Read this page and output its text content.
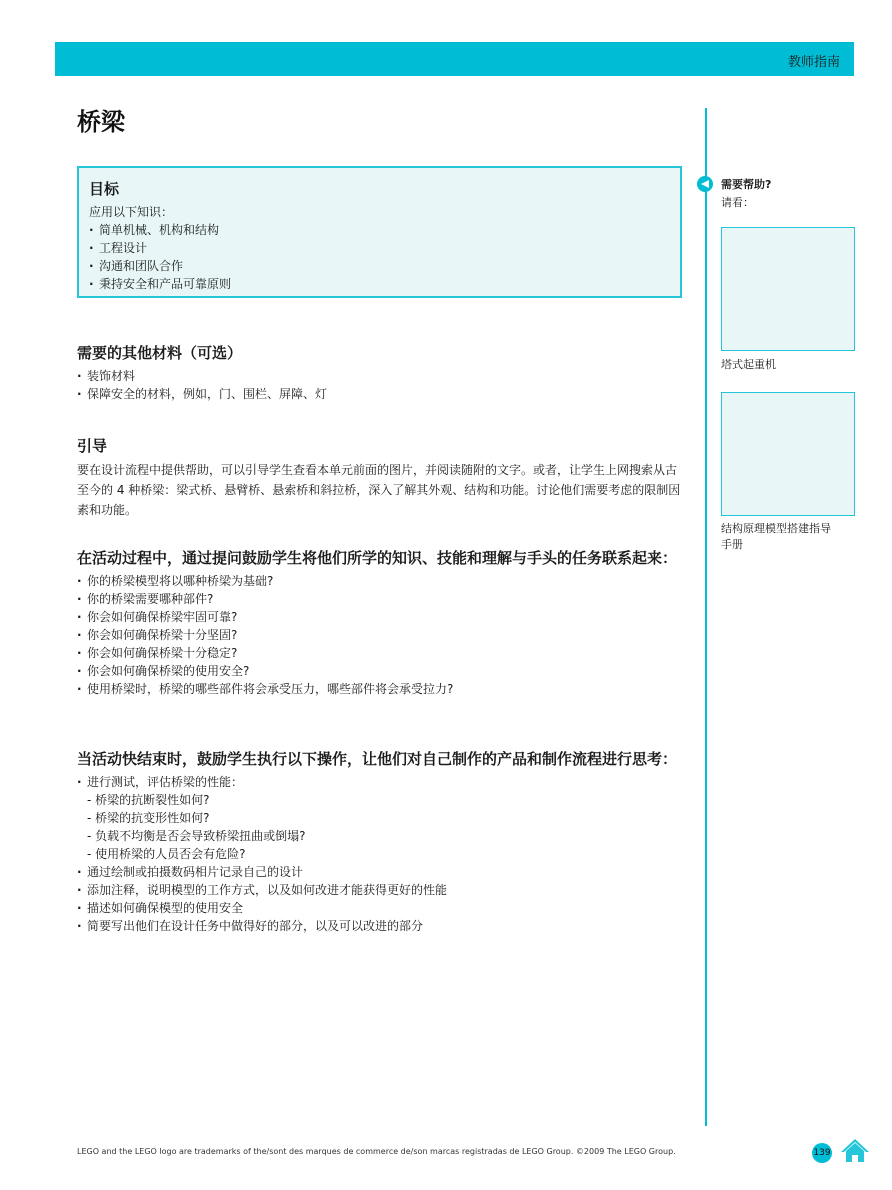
教师指南
桥梁
目标
应用以下知识：
· 简单机械、机构和结构
· 工程设计
· 沟通和团队合作
· 秉持安全和产品可靠原则
需要的其他材料（可选）
· 装饰材料
· 保障安全的材料，例如，门、围栏、屏障、灯
引导
要在设计流程中提供帮助，可以引导学生查看本单元前面的图片，并阅读随附的文字。或者，让学生上网搜索从古至今的 4 种桥梁：梁式桥、悬臂桥、悬索桥和斜拉桥，深入了解其外观、结构和功能。讨论他们需要考虑的限制因素和功能。
在活动过程中，通过提问鼓励学生将他们所学的知识、技能和理解与手头的任务联系起来：
· 你的桥梁模型将以哪种桥梁为基础?
· 你的桥梁需要哪种部件?
· 你会如何确保桥梁牢固可靠?
· 你会如何确保桥梁十分坚固?
· 你会如何确保桥梁十分稳定?
· 你会如何确保桥梁的使用安全?
· 使用桥梁时，桥梁的哪些部件将会承受压力，哪些部件将会承受拉力?
当活动快结束时，鼓励学生执行以下操作，让他们对自己制作的产品和制作流程进行思考：
· 进行测试，评估桥梁的性能：
- 桥梁的抗断裂性如何?
- 桥梁的抗变形性如何?
- 负载不均衡是否会导致桥梁扭曲或倒塌?
- 使用桥梁的人员否会有危险?
· 通过绘制或拍摄数码相片记录自己的设计
· 添加注释，说明模型的工作方式，以及如何改进才能获得更好的性能
· 描述如何确保模型的使用安全
· 简要写出他们在设计任务中做得好的部分，以及可以改进的部分
需要帮助?
请看：
塔式起重机
结构原理模型搭建指导手册
LEGO and the LEGO logo are trademarks of the/sont des marques de commerce de/son marcas registradas de LEGO Group. ©2009 The LEGO Group.	139
